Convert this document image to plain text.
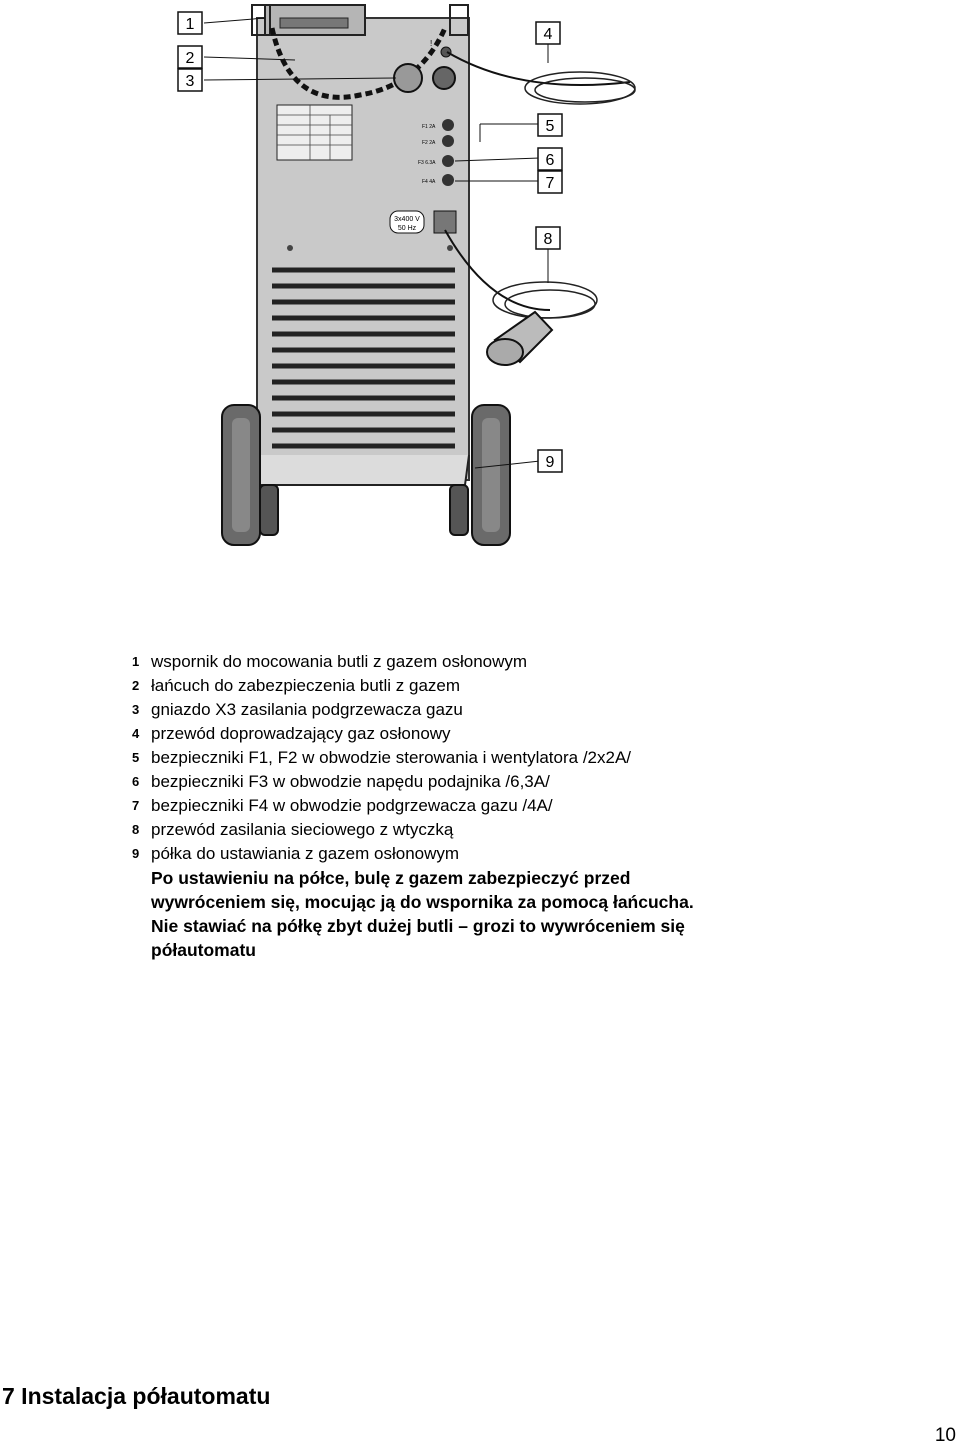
!
F1 2A
F2 2A
F3 6.3A
F4 4A
3x400 V
50 Hz
1
2
3
4
5
6
7
8
9
1 wspornik do mocowania butli z gazem osłonowym
2 łańcuch do zabezpieczenia butli z gazem
3 gniazdo X3 zasilania podgrzewacza gazu
4 przewód doprowadzający gaz osłonowy
5 bezpieczniki F1, F2 w obwodzie sterowania i wentylatora /2x2A/
6 bezpieczniki F3 w obwodzie napędu podajnika /6,3A/
7 bezpieczniki F4 w obwodzie podgrzewacza gazu /4A/
8 przewód zasilania sieciowego z wtyczką
9 półka do ustawiania z gazem osłonowym

Po ustawieniu na półce, bulę z gazem zabezpieczyć przed

wywróceniem się, mocując ją do wspornika za pomocą łańcucha.

Nie stawiać na półkę zbyt dużej butli – grozi to wywróceniem się

półautomatu

7 Instalacja półautomatu
10
